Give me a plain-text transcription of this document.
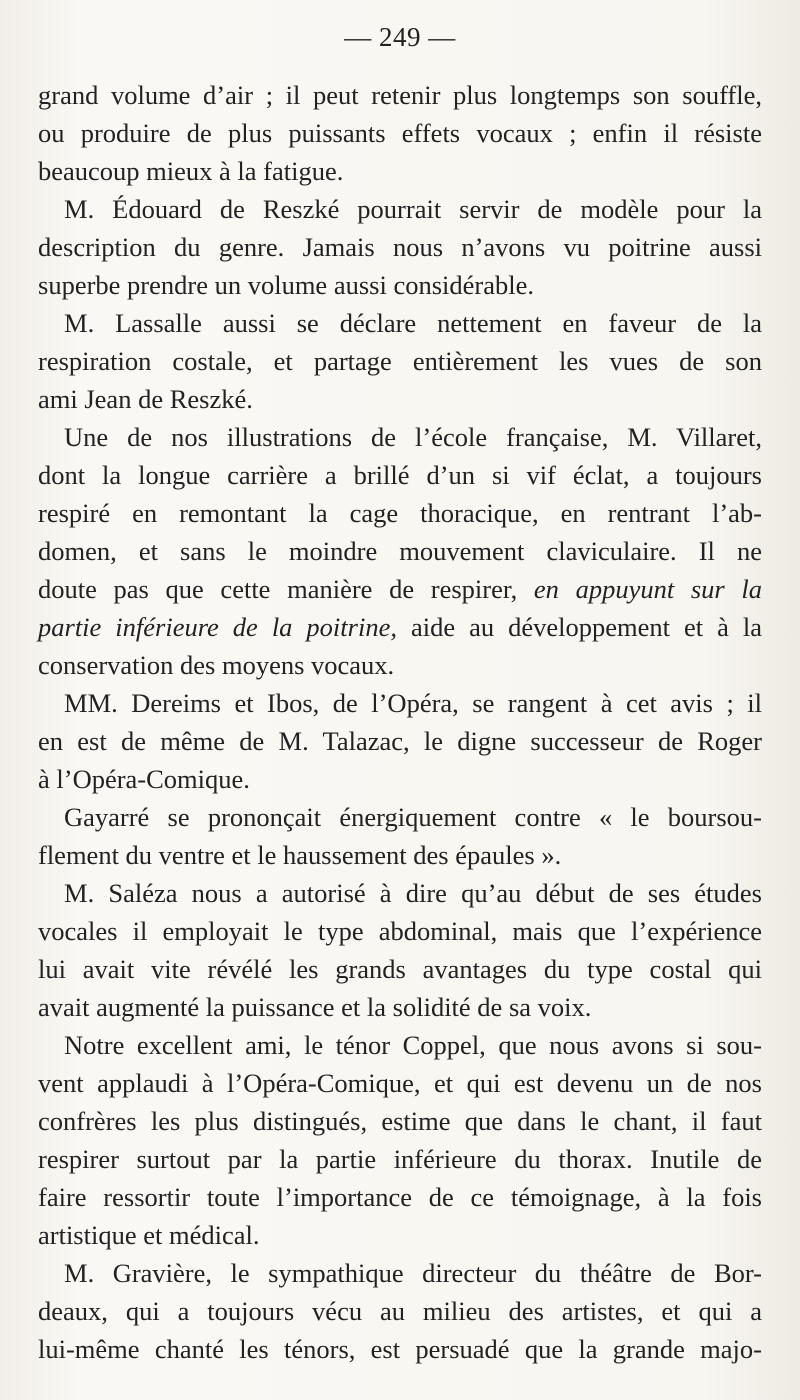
— 249 —
grand volume d’air ; il peut retenir plus longtemps son souffle,
ou produire de plus puissants effets vocaux ; enfin il résiste
beaucoup mieux à la fatigue.
M. Édouard de Reszké pourrait servir de modèle pour la
description du genre. Jamais nous n’avons vu poitrine aussi
superbe prendre un volume aussi considérable.
M. Lassalle aussi se déclare nettement en faveur de la
respiration costale, et partage entièrement les vues de son
ami Jean de Reszké.
Une de nos illustrations de l’école française, M. Villaret,
dont la longue carrière a brillé d’un si vif éclat, a toujours
respiré en remontant la cage thoracique, en rentrant l’ab-
domen, et sans le moindre mouvement claviculaire. Il ne
doute pas que cette manière de respirer, en appuyunt sur la
partie inférieure de la poitrine, aide au développement et à la
conservation des moyens vocaux.
MM. Dereims et Ibos, de l’Opéra, se rangent à cet avis ; il
en est de même de M. Talazac, le digne successeur de Roger
à l’Opéra-Comique.
Gayarré se prononçait énergiquement contre « le boursou-
flement du ventre et le haussement des épaules ».
M. Saléza nous a autorisé à dire qu’au début de ses études
vocales il employait le type abdominal, mais que l’expérience
lui avait vite révélé les grands avantages du type costal qui
avait augmenté la puissance et la solidité de sa voix.
Notre excellent ami, le ténor Coppel, que nous avons si sou-
vent applaudi à l’Opéra-Comique, et qui est devenu un de nos
confrères les plus distingués, estime que dans le chant, il faut
respirer surtout par la partie inférieure du thorax. Inutile de
faire ressortir toute l’importance de ce témoignage, à la fois
artistique et médical.
M. Gravière, le sympathique directeur du théâtre de Bor-
deaux, qui a toujours vécu au milieu des artistes, et qui a
lui-même chanté les ténors, est persuadé que la grande majo-
